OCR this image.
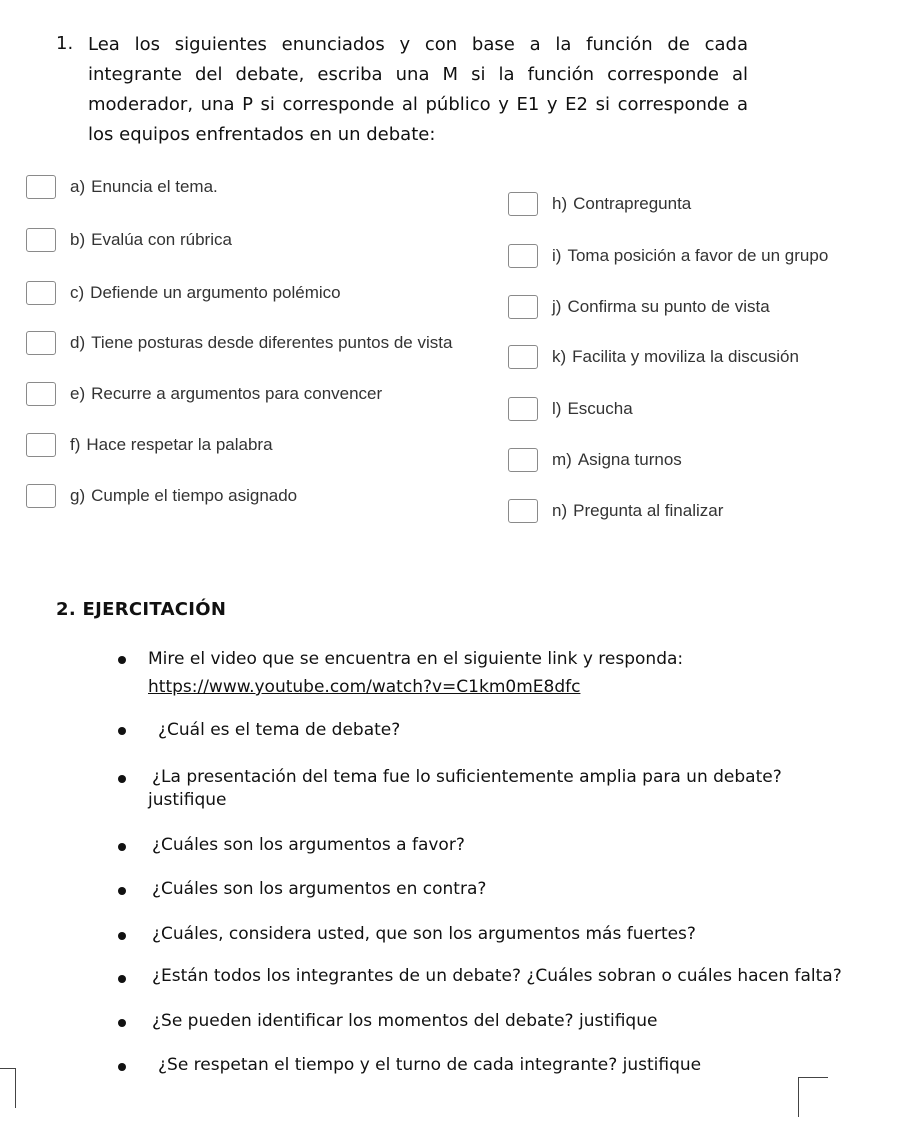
1. Lea los siguientes enunciados y con base a la función de cada integrante del debate, escriba una M si la función corresponde al moderador, una P si corresponde al público y E1 y E2 si corresponde a los equipos enfrentados en un debate:
a) Enuncia el tema.
b) Evalúa con rúbrica
c) Defiende un argumento polémico
d) Tiene posturas desde diferentes puntos de vista
e) Recurre a argumentos para convencer
f) Hace respetar la palabra
g) Cumple el tiempo asignado
h) Contrapregunta
i) Toma posición a favor de un grupo
j) Confirma su punto de vista
k) Facilita y moviliza la discusión
l) Escucha
m) Asigna turnos
n) Pregunta al finalizar
2. EJERCITACIÓN
Mire el video que se encuentra en el siguiente link y responda:
https://www.youtube.com/watch?v=C1km0mE8dfc
¿Cuál es el tema de debate?
¿La presentación del tema fue lo suficientemente amplia para un debate?
justifique
¿Cuáles son los argumentos a favor?
¿Cuáles son los argumentos en contra?
¿Cuáles, considera usted, que son los argumentos más fuertes?
¿Están todos los integrantes de un debate? ¿Cuáles sobran o cuáles hacen falta?
¿Se pueden identificar los momentos del debate? justifique
¿Se respetan el tiempo y el turno de cada integrante? justifique
